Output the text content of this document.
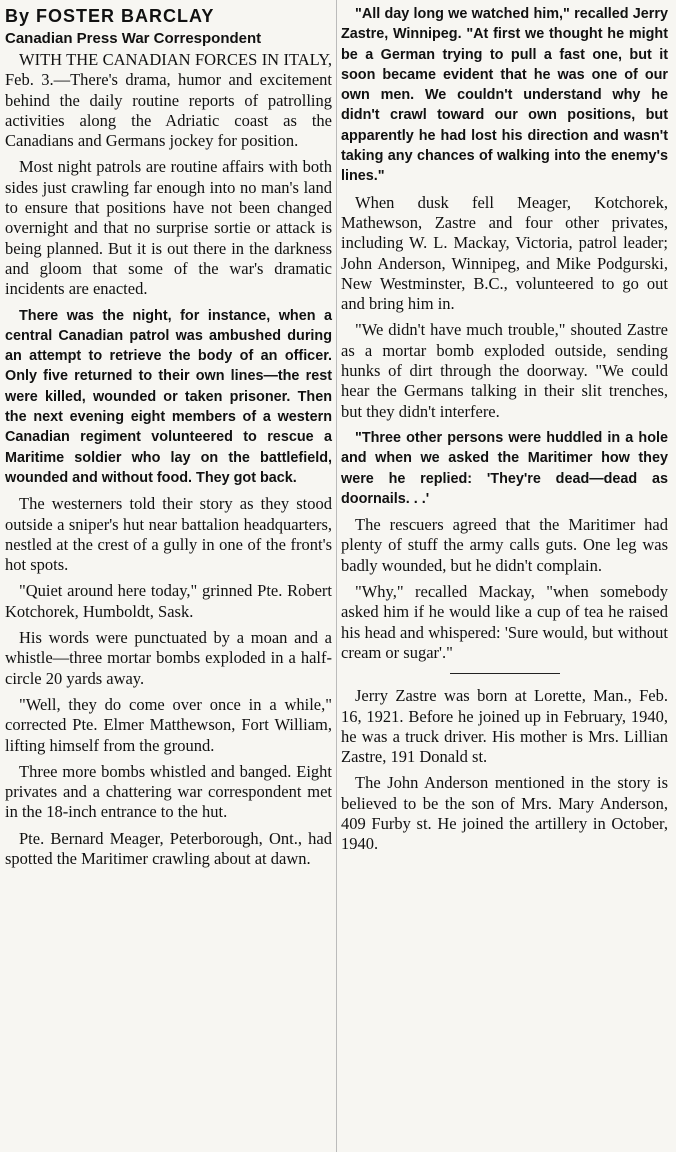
By FOSTER BARCLAY
Canadian Press War Correspondent

WITH THE CANADIAN FORCES IN ITALY, Feb. 3.—There's drama, humor and excitement behind the daily routine reports of patrolling activities along the Adriatic coast as the Canadians and Germans jockey for position.

Most night patrols are routine affairs with both sides just crawling far enough into no man's land to ensure that positions have not been changed overnight and that no surprise sortie or attack is being planned. But it is out there in the darkness and gloom that some of the war's dramatic incidents are enacted.

There was the night, for instance, when a central Canadian patrol was ambushed during an attempt to retrieve the body of an officer. Only five returned to their own lines—the rest were killed, wounded or taken prisoner. Then the next evening eight members of a western Canadian regiment volunteered to rescue a Maritime soldier who lay on the battlefield, wounded and without food. They got back.

The westerners told their story as they stood outside a sniper's hut near battalion headquarters, nestled at the crest of a gully in one of the front's hot spots.

"Quiet around here today," grinned Pte. Robert Kotchorek, Humboldt, Sask.

His words were punctuated by a moan and a whistle—three mortar bombs exploded in a half-circle 20 yards away.

"Well, they do come over once in a while," corrected Pte. Elmer Matthewson, Fort William, lifting himself from the ground.

Three more bombs whistled and banged. Eight privates and a chattering war correspondent met in the 18-inch entrance to the hut.

Pte. Bernard Meager, Peterborough, Ont., had spotted the Maritimer crawling about at dawn.

"All day long we watched him," recalled Jerry Zastre, Winnipeg. "At first we thought he might be a German trying to pull a fast one, but it soon became evident that he was one of our own men. We couldn't understand why he didn't crawl toward our own positions, but apparently he had lost his direction and wasn't taking any chances of walking into the enemy's lines."

When dusk fell Meager, Kotchorek, Mathewson, Zastre and four other privates, including W. L. Mackay, Victoria, patrol leader; John Anderson, Winnipeg, and Mike Podgurski, New Westminster, B.C., volunteered to go out and bring him in.

"We didn't have much trouble," shouted Zastre as a mortar bomb exploded outside, sending hunks of dirt through the doorway. "We could hear the Germans talking in their slit trenches, but they didn't interfere.

"Three other persons were huddled in a hole and when we asked the Maritimer how they were he replied: 'They're dead—dead as doornails. . .'

The rescuers agreed that the Maritimer had plenty of stuff the army calls guts. One leg was badly wounded, but he didn't complain.

"Why," recalled Mackay, "when somebody asked him if he would like a cup of tea he raised his head and whispered: 'Sure would, but without cream or sugar'."

Jerry Zastre was born at Lorette, Man., Feb. 16, 1921. Before he joined up in February, 1940, he was a truck driver. His mother is Mrs. Lillian Zastre, 191 Donald st.

The John Anderson mentioned in the story is believed to be the son of Mrs. Mary Anderson, 409 Furby st. He joined the artillery in October, 1940.
